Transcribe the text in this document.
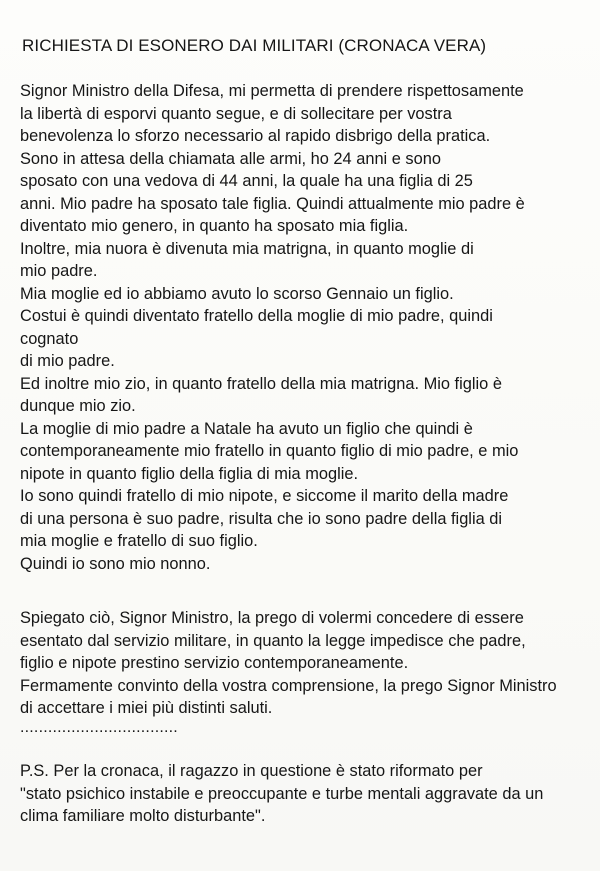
RICHIESTA DI ESONERO DAI MILITARI (CRONACA VERA)
Signor Ministro della Difesa, mi permetta di prendere rispettosamente
la libertà di esporvi quanto segue, e di sollecitare per vostra
benevolenza lo sforzo necessario al rapido disbrigo della pratica.
Sono in attesa della chiamata alle armi, ho 24 anni e sono
sposato con una vedova di 44 anni, la quale ha una figlia di 25
anni. Mio padre ha sposato tale figlia. Quindi attualmente mio padre è
diventato mio genero, in quanto ha sposato mia figlia.
Inoltre, mia nuora è divenuta mia matrigna, in quanto moglie di
mio padre.
Mia moglie ed io abbiamo avuto lo scorso Gennaio un figlio.
Costui è quindi diventato fratello della moglie di mio padre, quindi
cognato
di mio padre.
Ed inoltre mio zio, in quanto fratello della mia matrigna. Mio figlio è
dunque mio zio.
La moglie di mio padre a Natale ha avuto un figlio che quindi è
contemporaneamente mio fratello in quanto figlio di mio padre, e mio
nipote in quanto figlio della figlia di mia moglie.
Io sono quindi fratello di mio nipote, e siccome il marito della madre
di una persona è suo padre, risulta che io sono padre della figlia di
mia moglie e fratello di suo figlio.
Quindi io sono mio nonno.
Spiegato ciò, Signor Ministro, la prego di volermi concedere di essere
esentato dal servizio militare, in quanto la legge impedisce che padre,
figlio e nipote prestino servizio contemporaneamente.
Fermamente convinto della vostra comprensione, la prego Signor Ministro
di accettare i miei più distinti saluti.
..................................
P.S. Per la cronaca, il ragazzo in questione è stato riformato per
"stato psichico instabile e preoccupante e turbe mentali aggravate da un
clima familiare molto disturbante".
